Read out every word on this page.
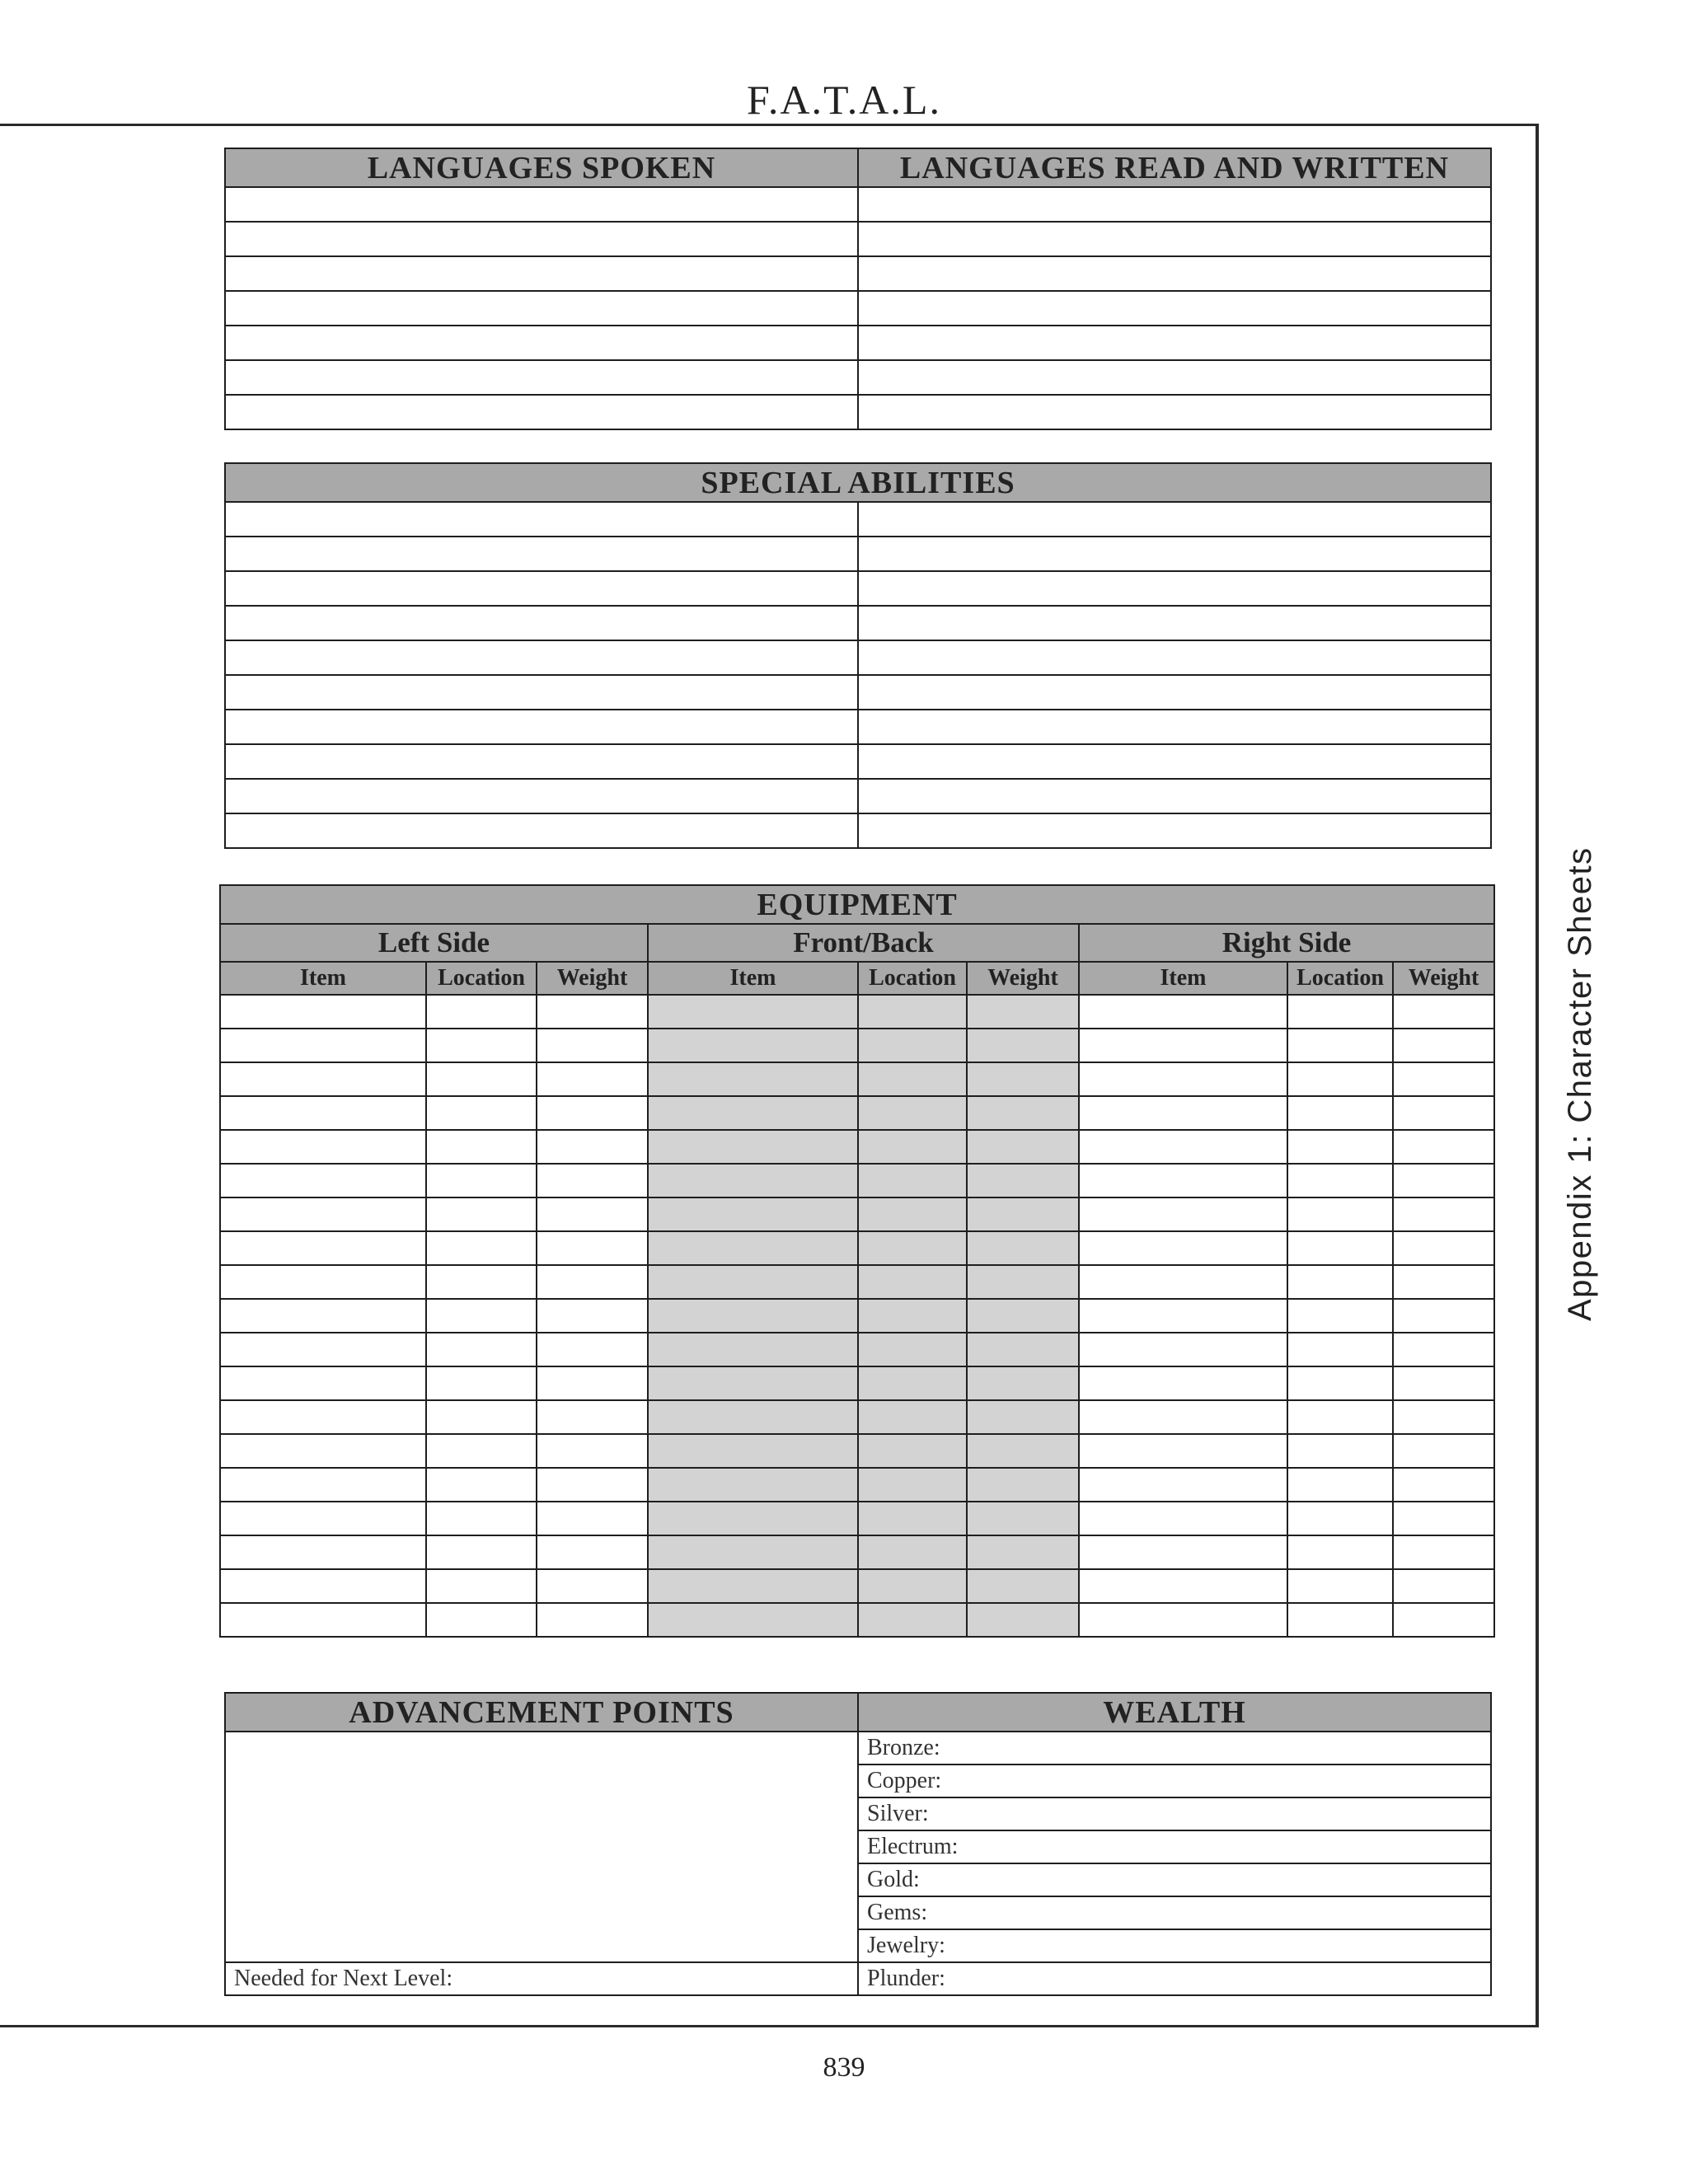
F.A.T.A.L.
Appendix 1: Character Sheets
LANGUAGES SPOKEN	LANGUAGES READ AND WRITTEN

SPECIAL ABILITIES	

EQUIPMENT								
Left Side			Front/Back			Right Side		
Item	Location	Weight	Item	Location	Weight	Item	Location	Weight

ADVANCEMENT POINTS	WEALTH
	Bronze:
	Copper:
	Silver:
	Electrum:
	Gold:
	Gems:
	Jewelry:
Needed for Next Level:	Plunder:
839
